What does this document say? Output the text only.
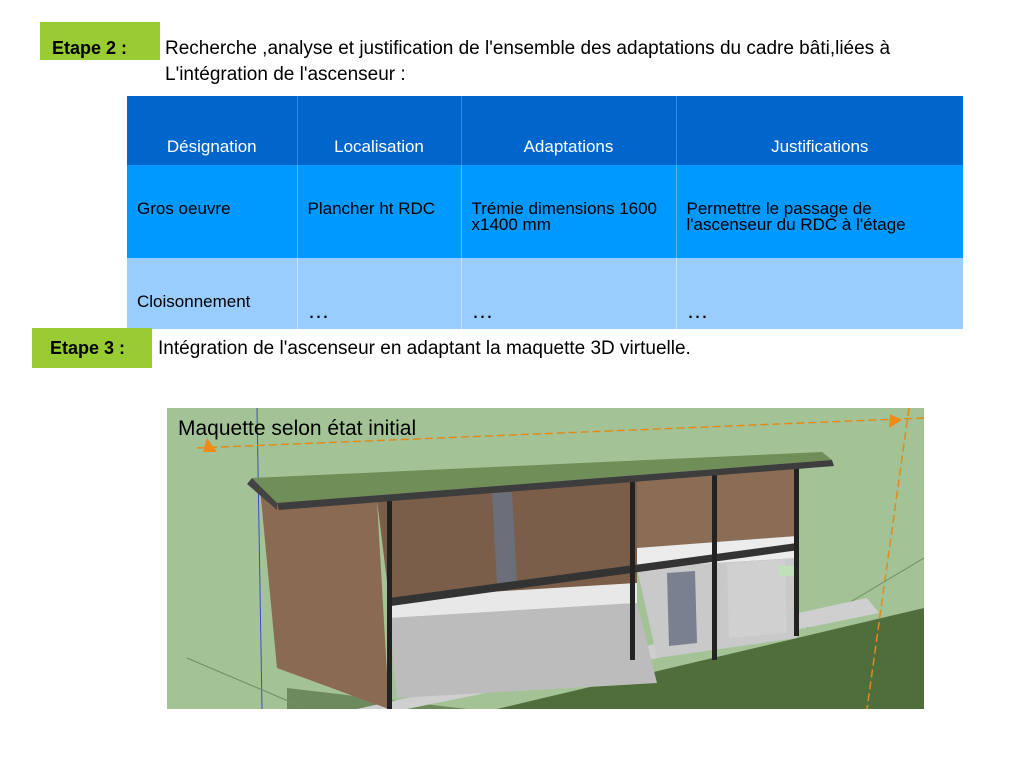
Etape 2 :	Recherche ,analyse et justification de l'ensemble des adaptations du cadre bâti,liées à L'intégration de l'ascenseur :
Désignation	Localisation	Adaptations	Justifications
Gros oeuvre	Plancher ht RDC	Trémie dimensions 1600 x1400 mm	Permettre le passage de l'ascenseur du RDC à l'étage
Cloisonnement	…	…	…
Etape 3 :	Intégration de l'ascenseur en adaptant la maquette 3D virtuelle.
Maquette selon état initial
